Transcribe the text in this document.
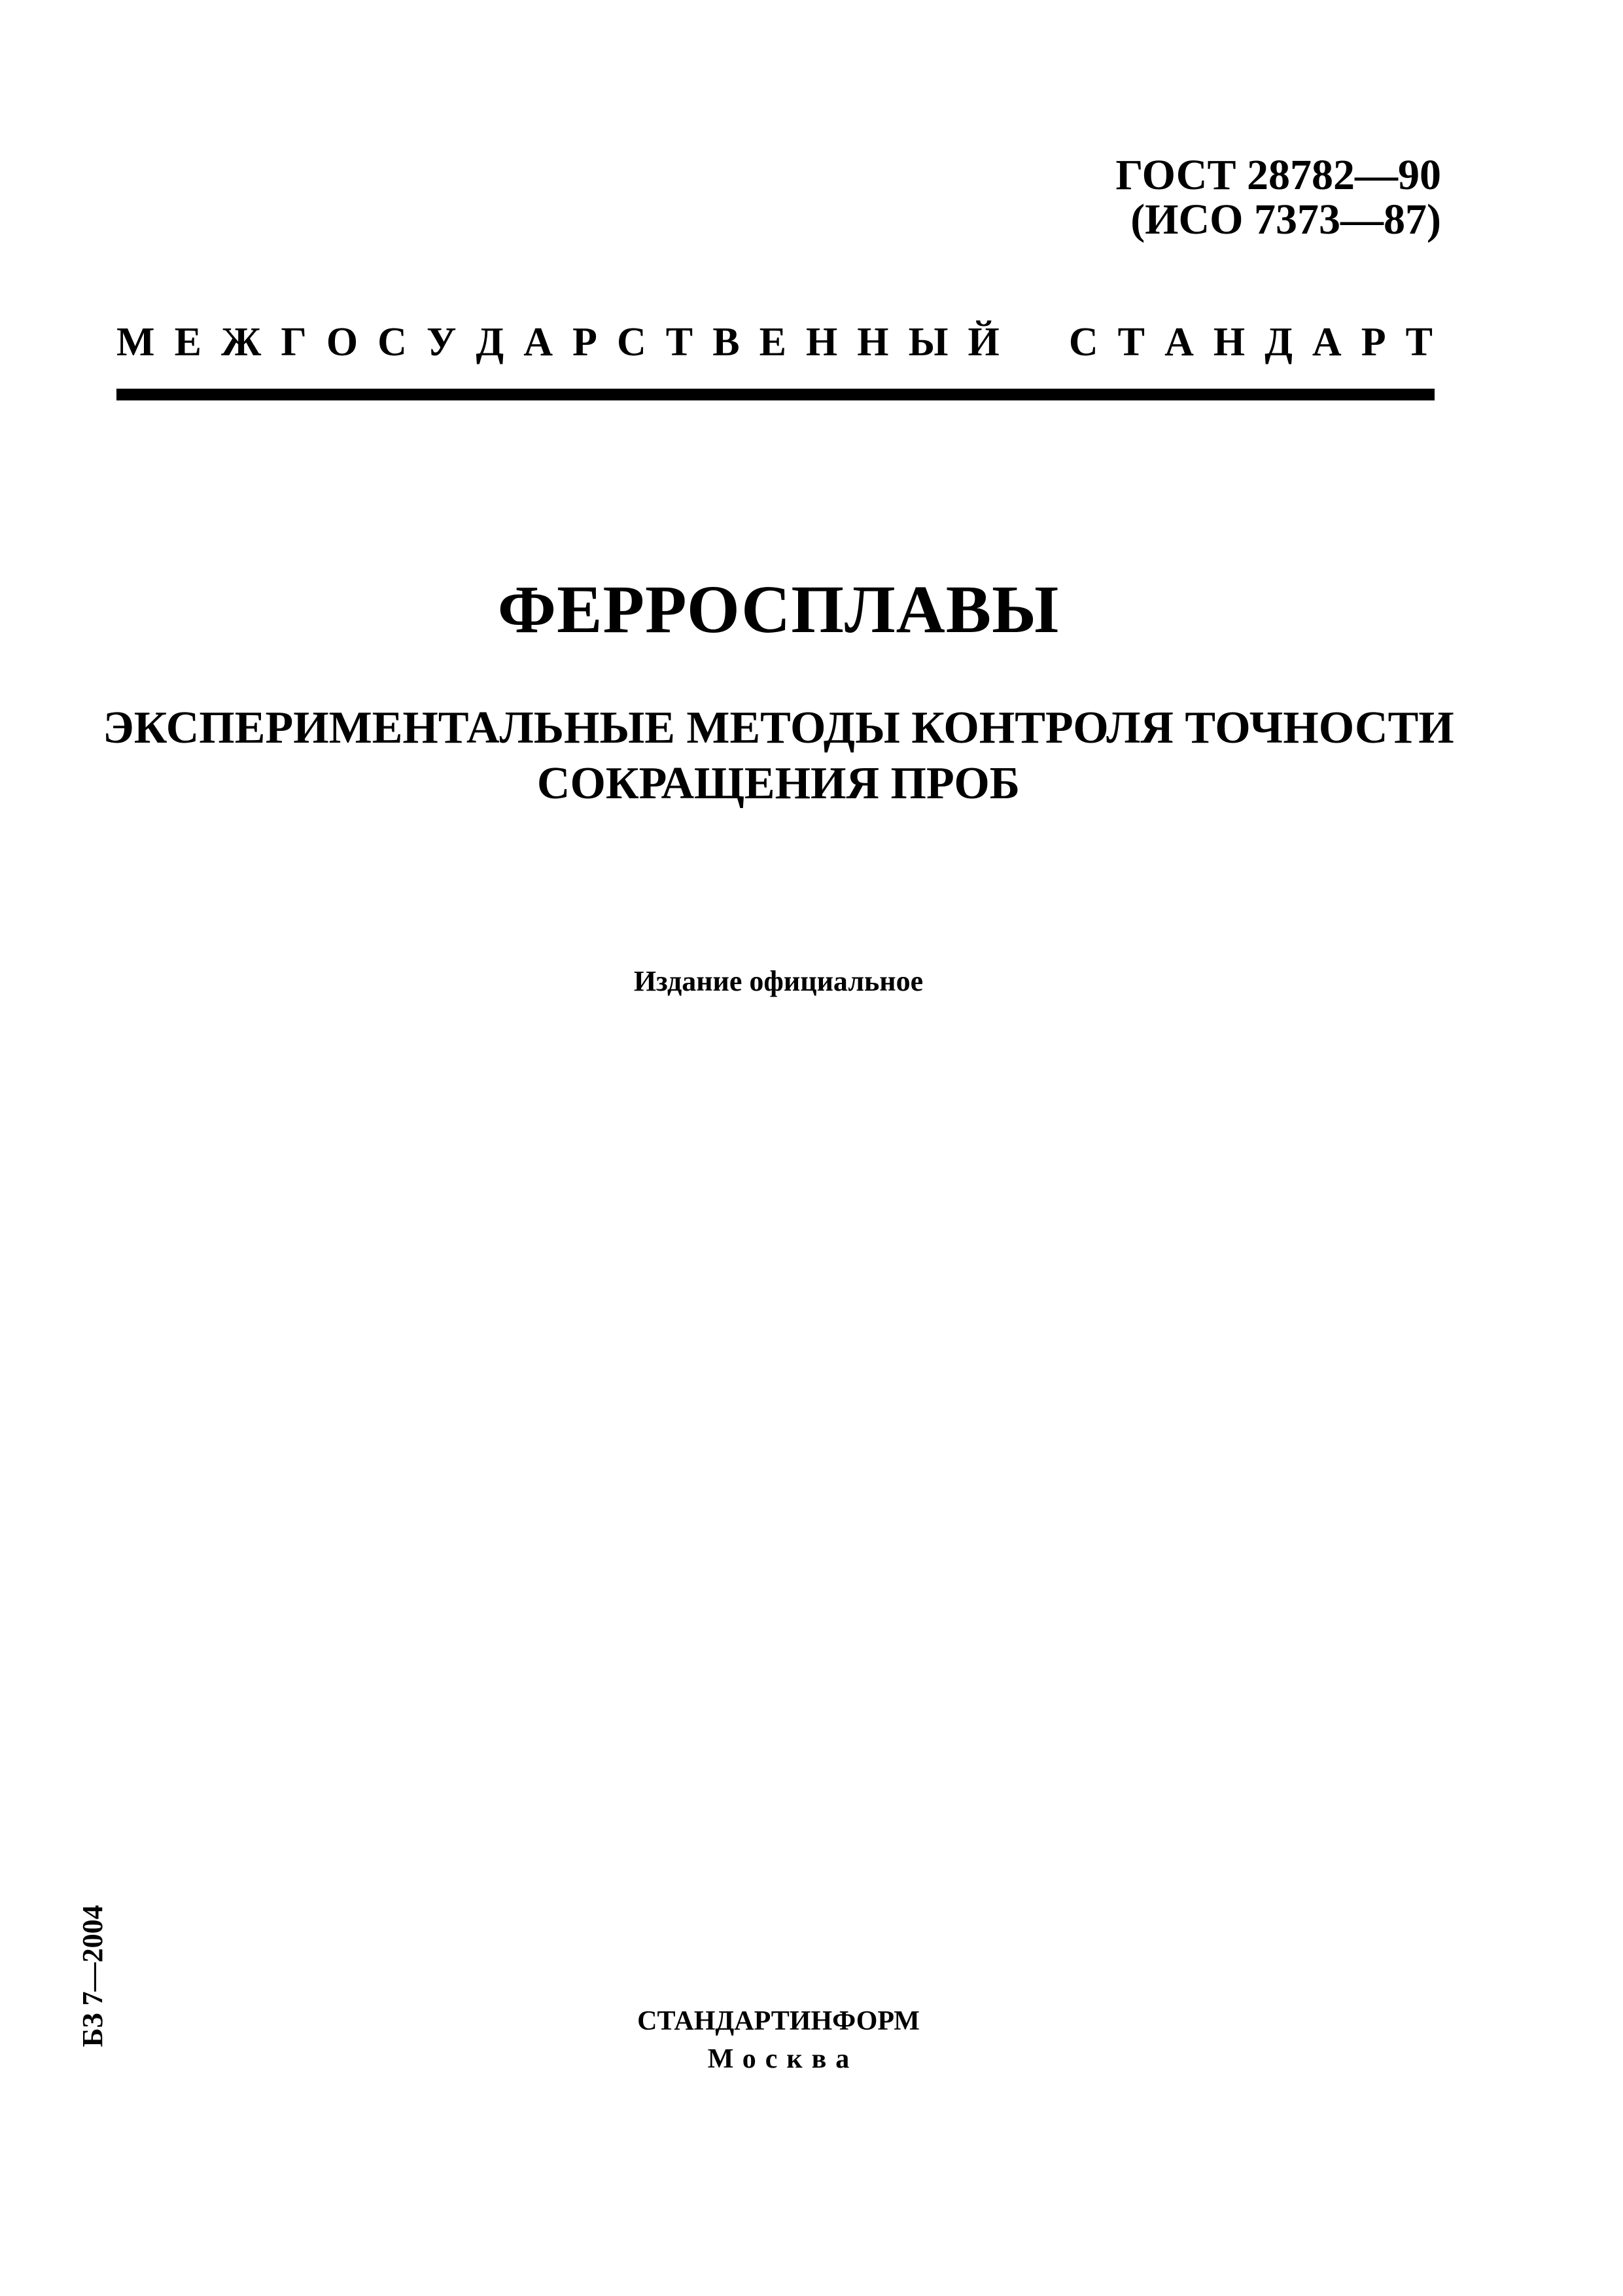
ГОСТ 28782—90
(ИСО 7373—87)
М Е Ж Г О С У Д А Р С Т В Е Н Н Ы Й С Т А Н Д А Р Т
ФЕРРОСПЛАВЫ
ЭКСПЕРИМЕНТАЛЬНЫЕ МЕТОДЫ КОНТРОЛЯ ТОЧНОСТИ
СОКРАЩЕНИЯ ПРОБ
Издание официальное
БЗ 7—2004	СТАНДАРТИНФОРМ
Москва
